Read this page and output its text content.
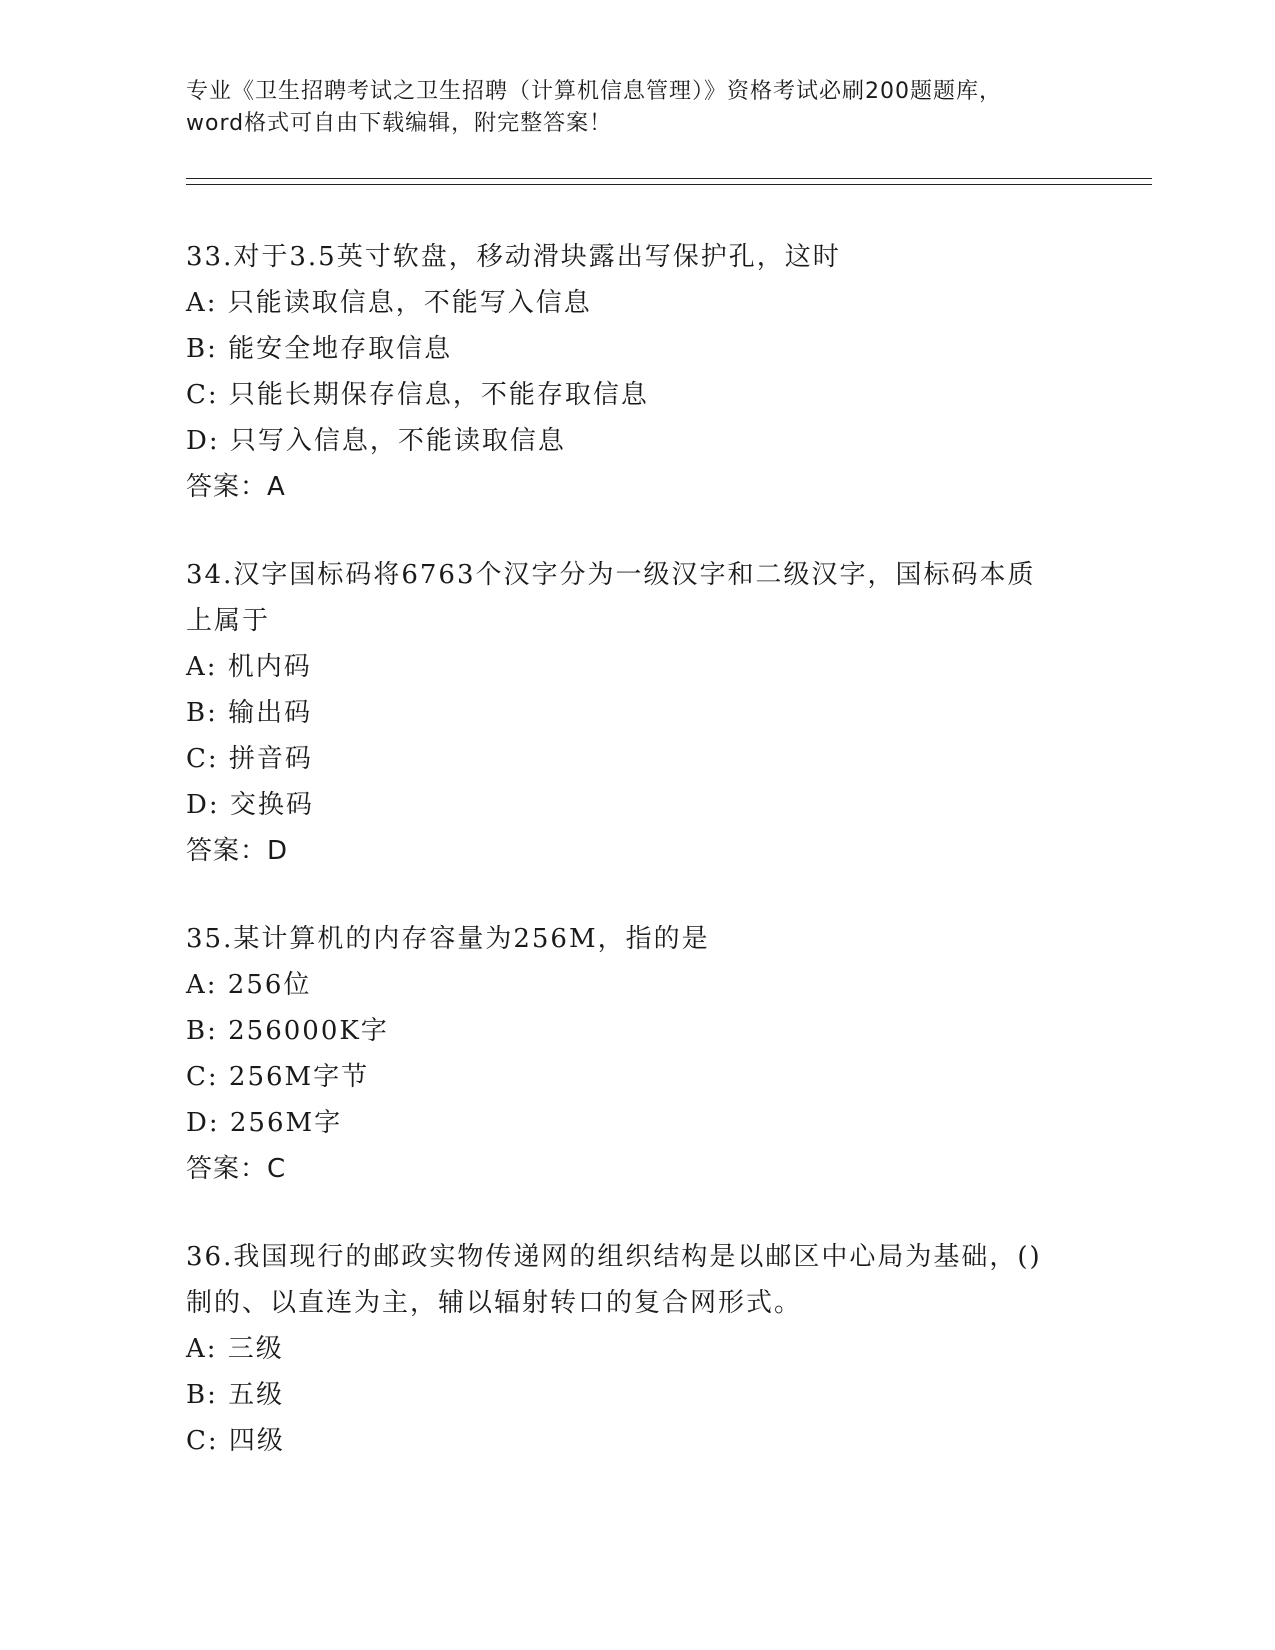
专业《卫生招聘考试之卫生招聘（计算机信息管理）》资格考试必刷200题题库，
word格式可自由下载编辑，附完整答案！
33.对于3.5英寸软盘，移动滑块露出写保护孔，这时
A: 只能读取信息，不能写入信息
B: 能安全地存取信息
C: 只能长期保存信息，不能存取信息
D: 只写入信息，不能读取信息
答案：A
34.汉字国标码将6763个汉字分为一级汉字和二级汉字，国标码本质
上属于
A: 机内码
B: 输出码
C: 拼音码
D: 交换码
答案：D
35.某计算机的内存容量为256M，指的是
A: 256位
B: 256000K字
C: 256M字节
D: 256M字
答案：C
36.我国现行的邮政实物传递网的组织结构是以邮区中心局为基础，()
制的、以直连为主，辅以辐射转口的复合网形式。
A: 三级
B: 五级
C: 四级
